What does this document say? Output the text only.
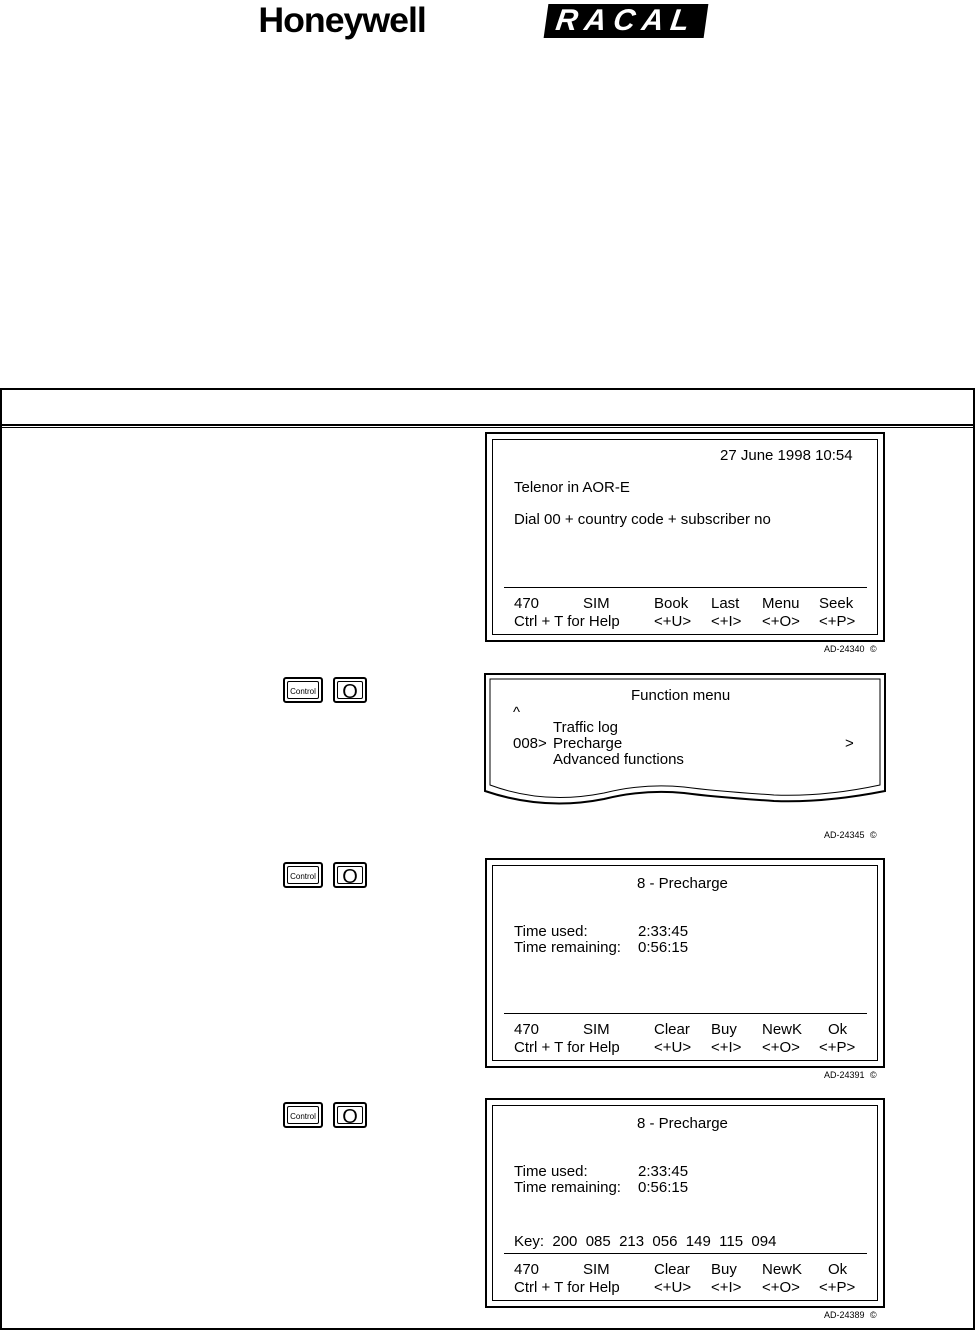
Honeywell	RACAL
27 June 1998 10:54
Telenor in AOR-E
Dial 00 + country code + subscriber no
470	SIM	Book Last Menu Seek
Ctrl + T for Help <+U> <+I> <+O> <+P>
AD-24340 ©
Function menu
^
Traffic log
008> Precharge	>
Advanced functions
AD-24345 ©
8 - Precharge
Time used:	2:33:45
Time remaining: 0:56:15
470	SIM	Clear Buy NewK Ok
Ctrl + T for Help <+U> <+I> <+O> <+P>
AD-24391 ©
8 - Precharge
Time used:	2:33:45
Time remaining: 0:56:15
Key:  200  085  213  056  149  115  094
470	SIM	Clear Buy NewK Ok
Ctrl + T for Help <+U> <+I> <+O> <+P>
AD-24389 ©
Control	O
Control	O
Control	O
